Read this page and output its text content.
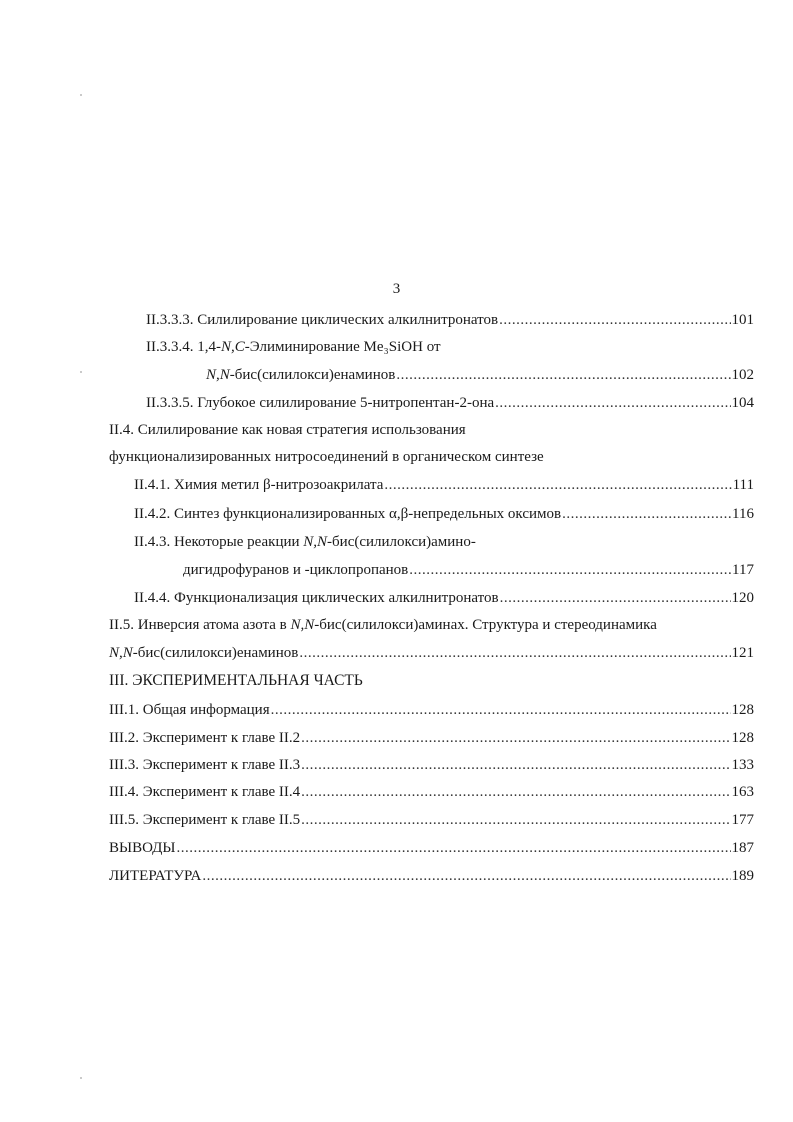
3
II.3.3.3. Силилирование циклических алкилнитронатов .....	101
II.3.3.4. 1,4-N,C-Элиминирование Me₃SiOH от
N,N-бис(силилокси)енаминов .....	102
II.3.3.5. Глубокое силилирование 5-нитропентан-2-она .....	104
II.4. Силилирование как новая стратегия использования
функционализированных нитросоединений в органическом синтезе
II.4.1. Химия метил β-нитрозоакрилата .....	111
II.4.2. Синтез функционализированных α,β-непредельных оксимов .....	116
II.4.3. Некоторые реакции N,N-бис(силилокси)амино-
дигидрофуранов и -циклопропанов .....	117
II.4.4. Функционализация циклических алкилнитронатов .....	120
II.5. Инверсия атома азота в N,N-бис(силилокси)аминах. Структура и стереодинамика
N,N-бис(силилокси)енаминов .....	121
III. ЭКСПЕРИМЕНТАЛЬНАЯ ЧАСТЬ
III.1. Общая информация .....	128
III.2. Эксперимент к главе II.2 .....	128
III.3. Эксперимент к главе II.3 .....	133
III.4. Эксперимент к главе II.4 .....	163
III.5. Эксперимент к главе II.5 .....	177
ВЫВОДЫ .....	187
ЛИТЕРАТУРА .....	189
